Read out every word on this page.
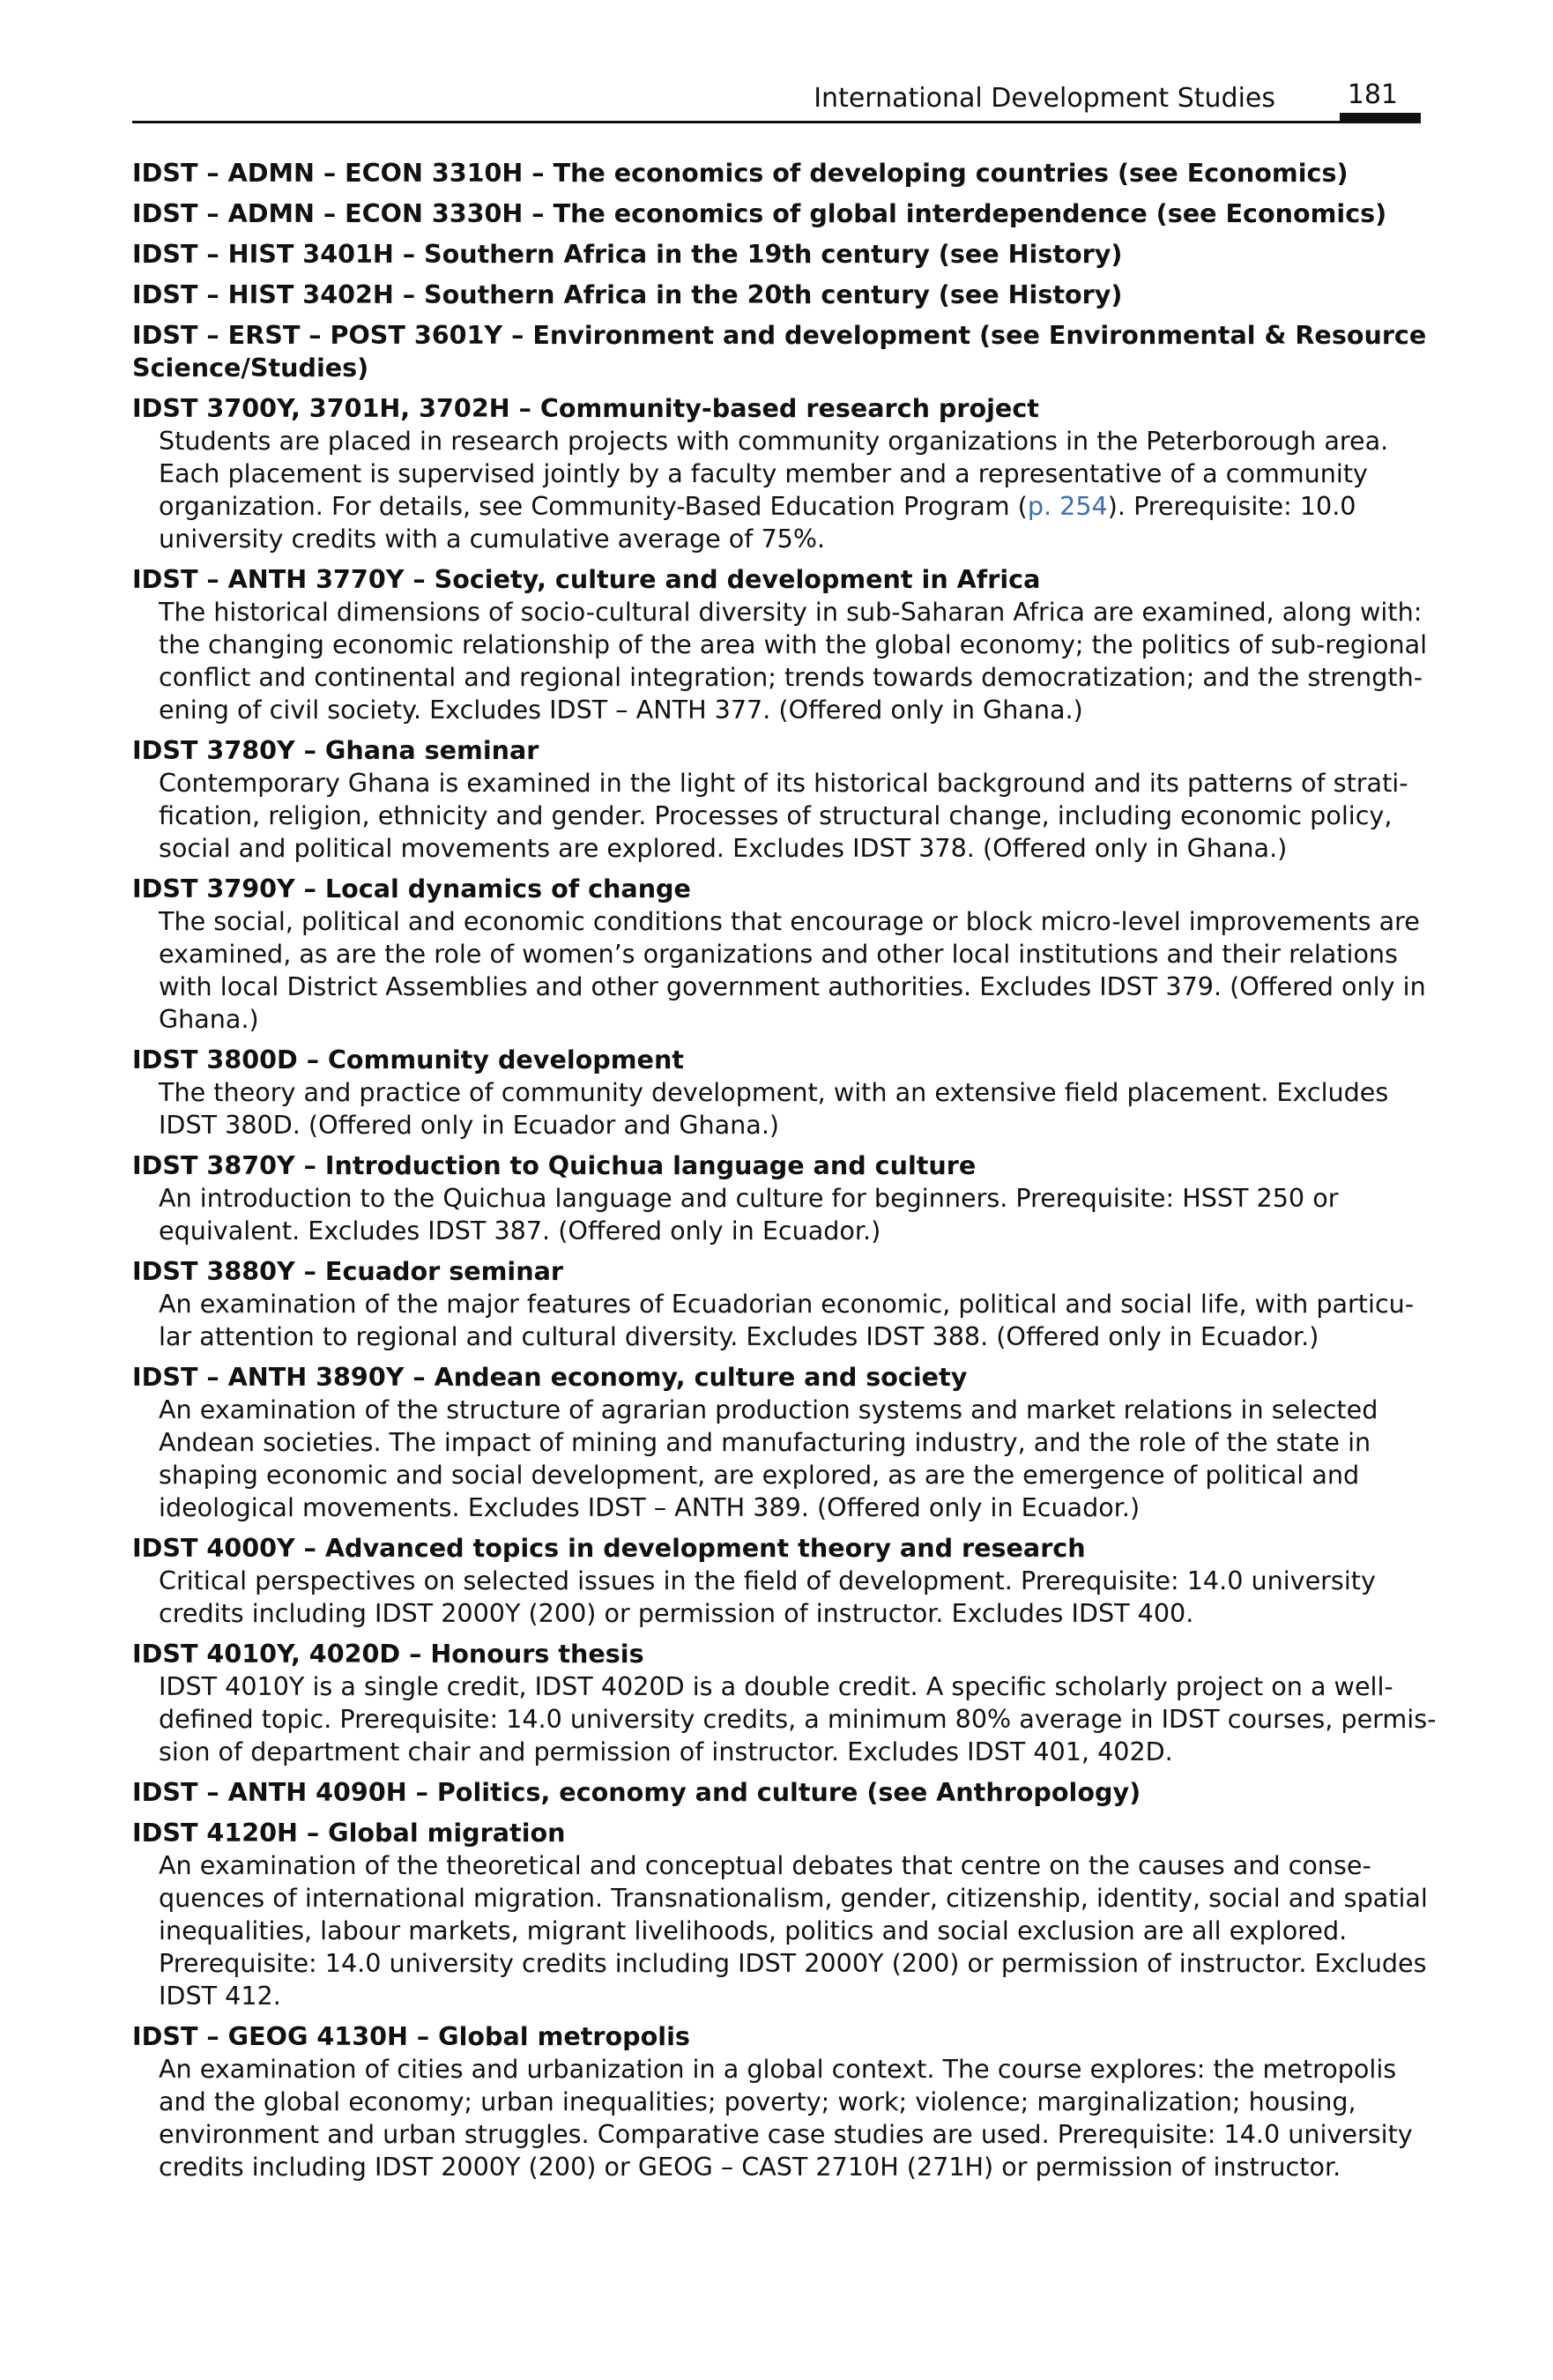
International Development Studies	181
IDST – ADMN – ECON 3310H – The economics of developing countries (see Economics)
IDST – ADMN – ECON 3330H – The economics of global interdependence (see Economics)
IDST – HIST 3401H – Southern Africa in the 19th century (see History)
IDST – HIST 3402H – Southern Africa in the 20th century (see History)
IDST – ERST – POST 3601Y – Environment and development (see Environmental & Resource
Science/Studies)
IDST 3700Y, 3701H, 3702H – Community-based research project
Students are placed in research projects with community organizations in the Peterborough area.
Each placement is supervised jointly by a faculty member and a representative of a community
organization. For details, see Community-Based Education Program (p. 254). Prerequisite: 10.0
university credits with a cumulative average of 75%.
IDST – ANTH 3770Y – Society, culture and development in Africa
The historical dimensions of socio-cultural diversity in sub-Saharan Africa are examined, along with:
the changing economic relationship of the area with the global economy; the politics of sub-regional
conflict and continental and regional integration; trends towards democratization; and the strength-
ening of civil society. Excludes IDST – ANTH 377. (Offered only in Ghana.)
IDST 3780Y – Ghana seminar
Contemporary Ghana is examined in the light of its historical background and its patterns of strati-
fication, religion, ethnicity and gender. Processes of structural change, including economic policy,
social and political movements are explored. Excludes IDST 378. (Offered only in Ghana.)
IDST 3790Y – Local dynamics of change
The social, political and economic conditions that encourage or block micro-level improvements are
examined, as are the role of women’s organizations and other local institutions and their relations
with local District Assemblies and other government authorities. Excludes IDST 379. (Offered only in
Ghana.)
IDST 3800D – Community development
The theory and practice of community development, with an extensive field placement. Excludes
IDST 380D. (Offered only in Ecuador and Ghana.)
IDST 3870Y – Introduction to Quichua language and culture
An introduction to the Quichua language and culture for beginners. Prerequisite: HSST 250 or
equivalent. Excludes IDST 387. (Offered only in Ecuador.)
IDST 3880Y – Ecuador seminar
An examination of the major features of Ecuadorian economic, political and social life, with particu-
lar attention to regional and cultural diversity. Excludes IDST 388. (Offered only in Ecuador.)
IDST – ANTH 3890Y – Andean economy, culture and society
An examination of the structure of agrarian production systems and market relations in selected
Andean societies. The impact of mining and manufacturing industry, and the role of the state in
shaping economic and social development, are explored, as are the emergence of political and
ideological movements. Excludes IDST – ANTH 389. (Offered only in Ecuador.)
IDST 4000Y – Advanced topics in development theory and research
Critical perspectives on selected issues in the field of development. Prerequisite: 14.0 university
credits including IDST 2000Y (200) or permission of instructor. Excludes IDST 400.
IDST 4010Y, 4020D – Honours thesis
IDST 4010Y is a single credit, IDST 4020D is a double credit. A specific scholarly project on a well-
defined topic. Prerequisite: 14.0 university credits, a minimum 80% average in IDST courses, permis-
sion of department chair and permission of instructor. Excludes IDST 401, 402D.
IDST – ANTH 4090H – Politics, economy and culture (see Anthropology)
IDST 4120H – Global migration
An examination of the theoretical and conceptual debates that centre on the causes and conse-
quences of international migration. Transnationalism, gender, citizenship, identity, social and spatial
inequalities, labour markets, migrant livelihoods, politics and social exclusion are all explored.
Prerequisite: 14.0 university credits including IDST 2000Y (200) or permission of instructor. Excludes
IDST 412.
IDST – GEOG 4130H – Global metropolis
An examination of cities and urbanization in a global context. The course explores: the metropolis
and the global economy; urban inequalities; poverty; work; violence; marginalization; housing,
environment and urban struggles. Comparative case studies are used. Prerequisite: 14.0 university
credits including IDST 2000Y (200) or GEOG – CAST 2710H (271H) or permission of instructor.
